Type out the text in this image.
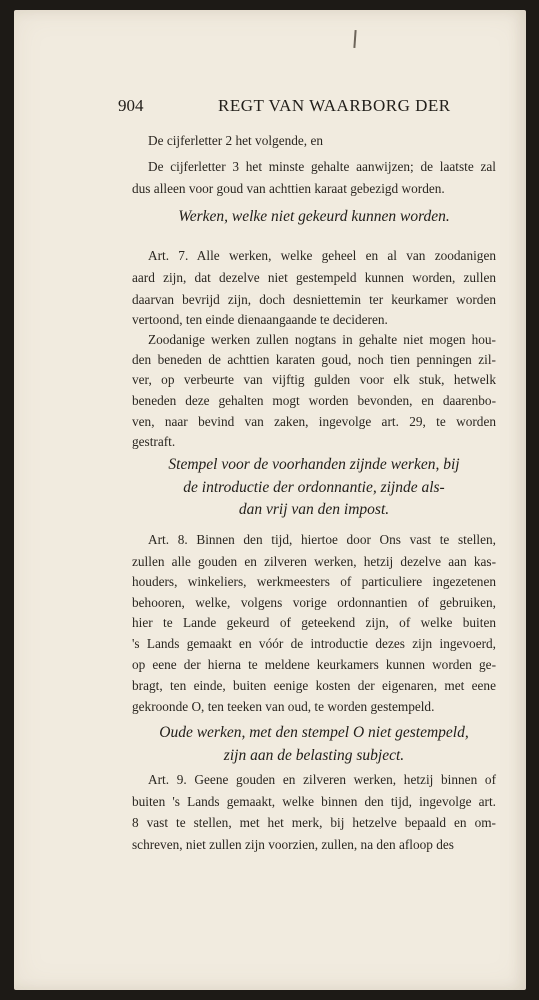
904	REGT VAN WAARBORG DER
De cijferletter 2 het volgende, en
De cijferletter 3 het minste gehalte aanwijzen; de laatste zal
dus alleen voor goud van achttien karaat gebezigd worden.
Werken, welke niet gekeurd kunnen worden.
Art. 7. Alle werken, welke geheel en al van zoodanigen
aard zijn, dat dezelve niet gestempeld kunnen worden, zullen
daarvan bevrijd zijn, doch desniettemin ter keurkamer worden
vertoond, ten einde dienaangaande te decideren.
Zoodanige werken zullen nogtans in gehalte niet mogen hou-
den beneden de achttien karaten goud, noch tien penningen zil-
ver, op verbeurte van vijftig gulden voor elk stuk, hetwelk
beneden deze gehalten mogt worden bevonden, en daarenbo-
ven, naar bevind van zaken, ingevolge art. 29, te worden
gestraft.
Stempel voor de voorhanden zijnde werken, bij
de introductie der ordonnantie, zijnde als-
dan vrij van den impost.
Art. 8. Binnen den tijd, hiertoe door Ons vast te stellen,
zullen alle gouden en zilveren werken, hetzij dezelve aan kas-
houders, winkeliers, werkmeesters of particuliere ingezetenen
behooren, welke, volgens vorige ordonnantien of gebruiken,
hier te Lande gekeurd of geteekend zijn, of welke buiten
's Lands gemaakt en vóór de introductie dezes zijn ingevoerd,
op eene der hierna te meldene keurkamers kunnen worden ge-
bragt, ten einde, buiten eenige kosten der eigenaren, met eene
gekroonde O, ten teeken van oud, te worden gestempeld.
Oude werken, met den stempel O niet gestempeld,
zijn aan de belasting subject.
Art. 9. Geene gouden en zilveren werken, hetzij binnen of
buiten 's Lands gemaakt, welke binnen den tijd, ingevolge art.
8 vast te stellen, met het merk, bij hetzelve bepaald en om-
schreven, niet zullen zijn voorzien, zullen, na den afloop des
